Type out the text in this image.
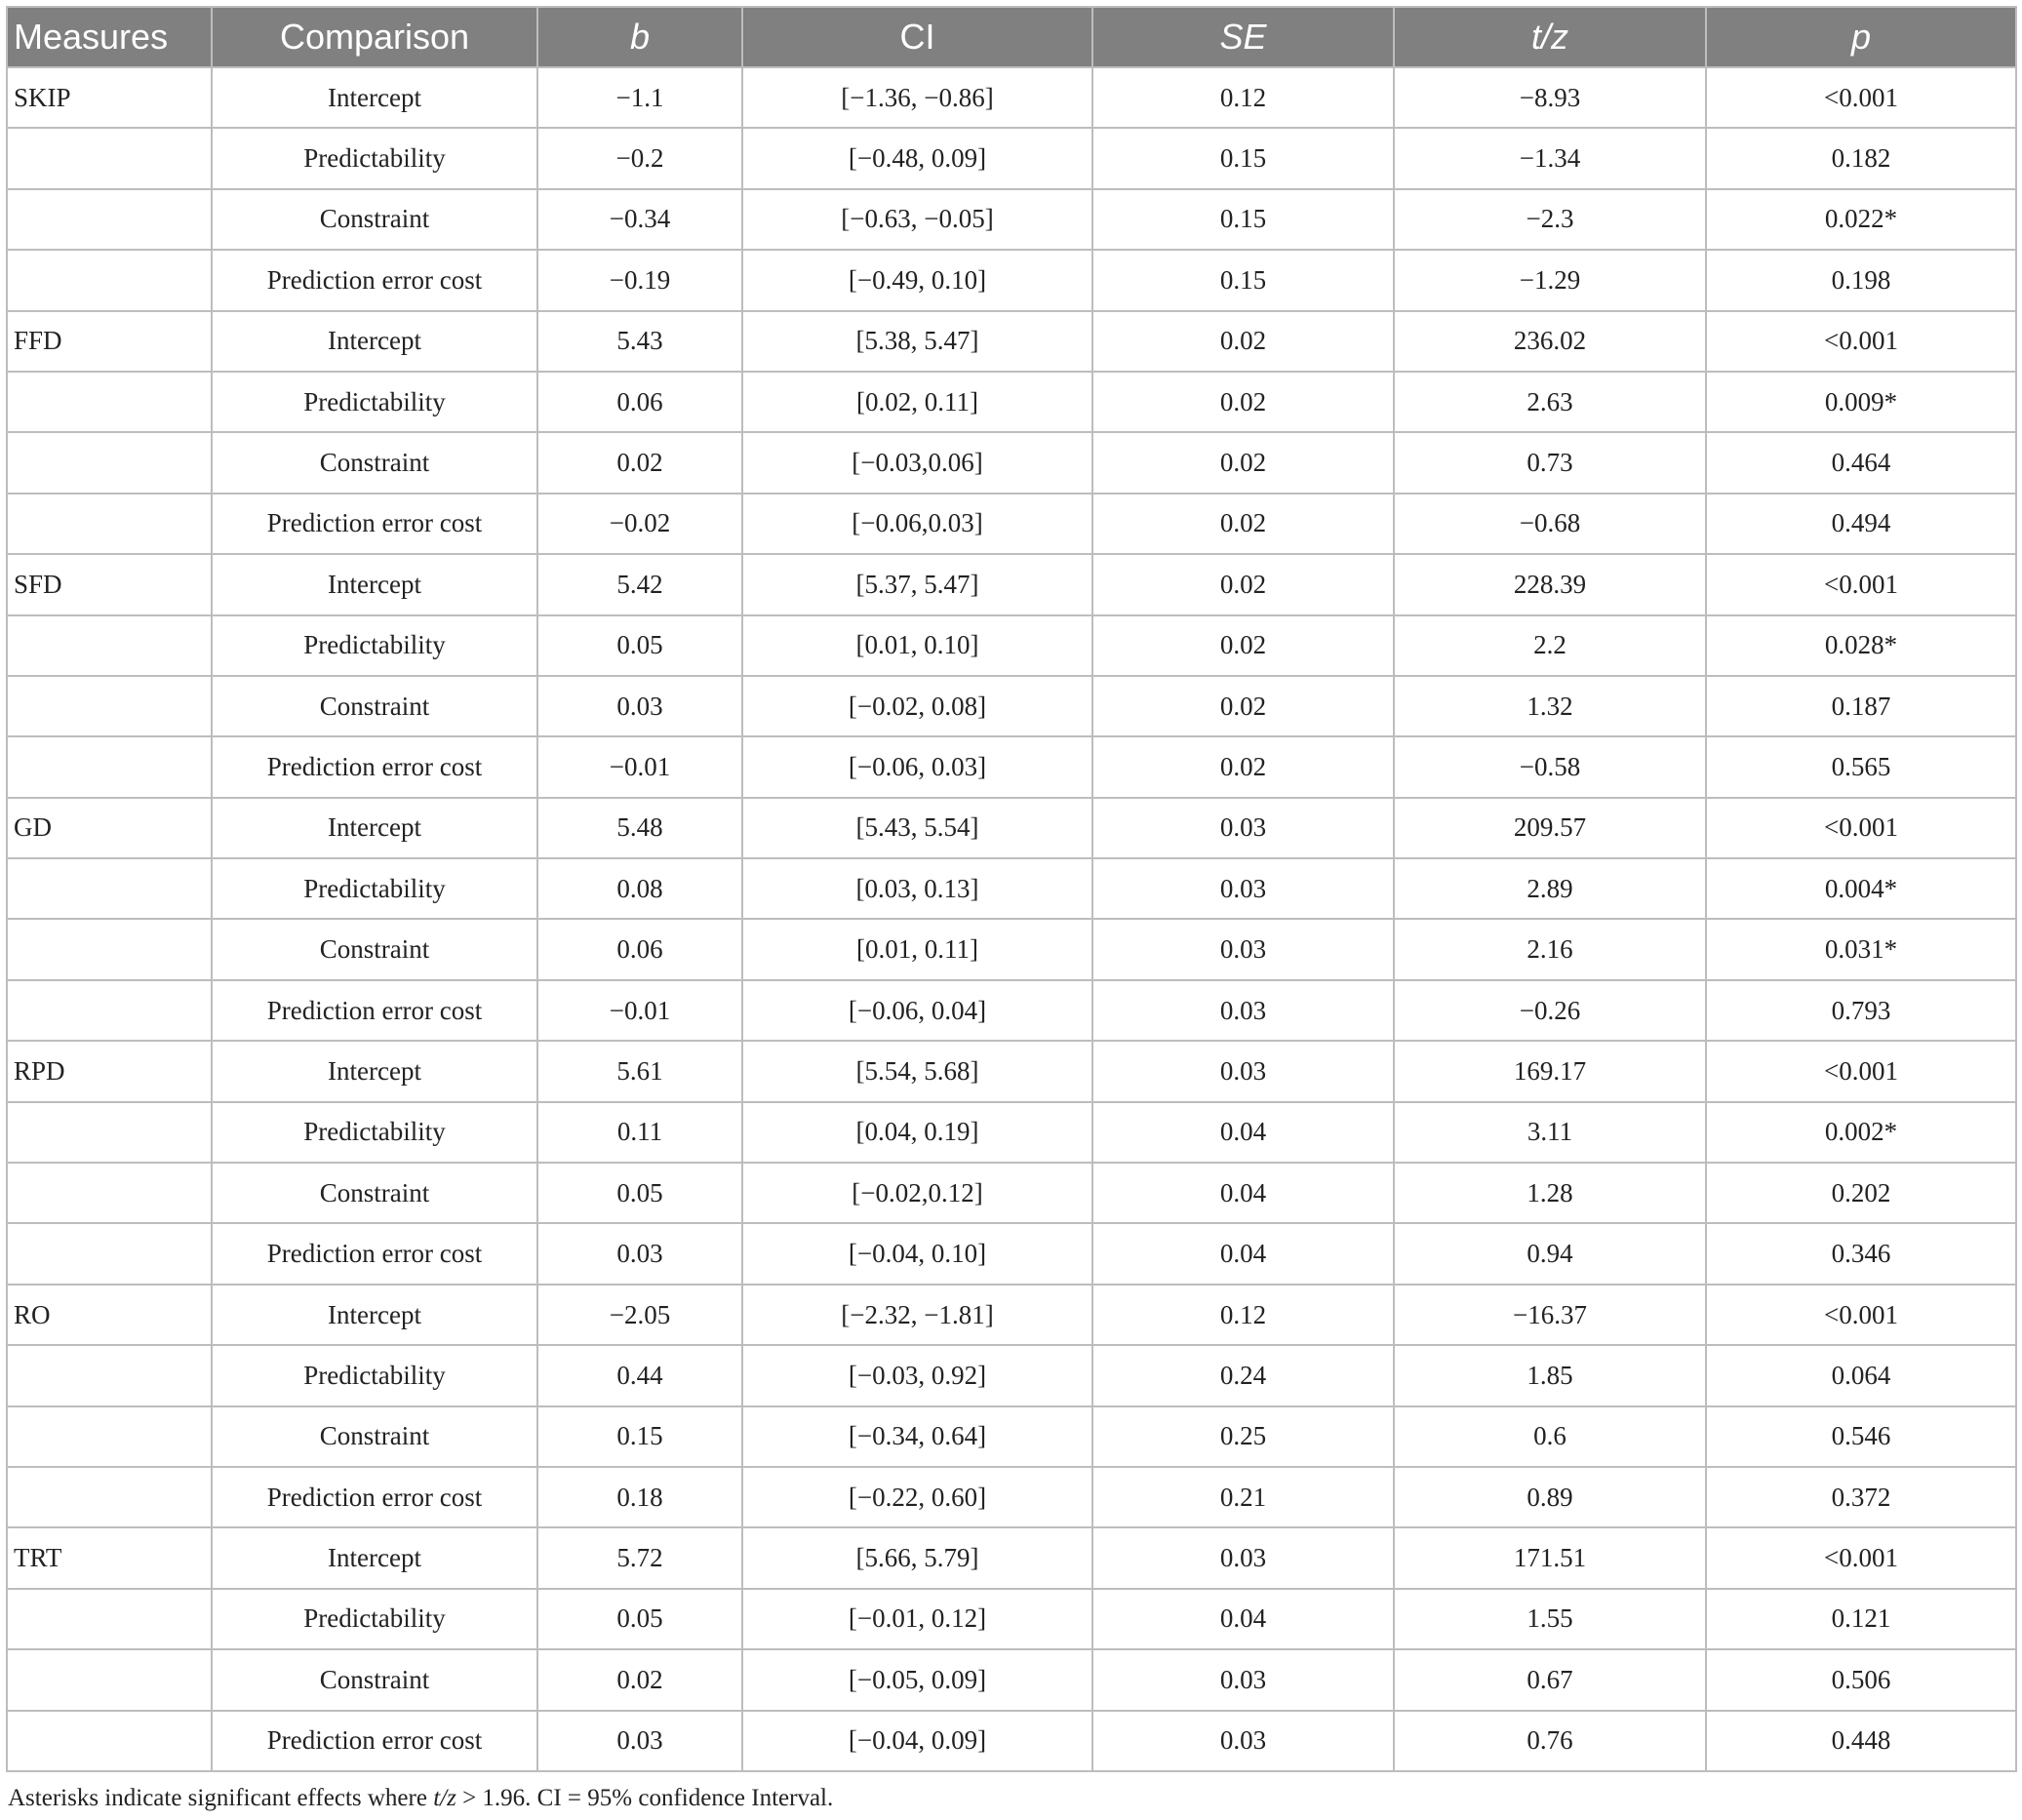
Measures	Comparison	b	CI	SE	t/z	p
SKIP	Intercept	−1.1	[−1.36, −0.86]	0.12	−8.93	<0.001
	Predictability	−0.2	[−0.48, 0.09]	0.15	−1.34	0.182
	Constraint	−0.34	[−0.63, −0.05]	0.15	−2.3	0.022*
	Prediction error cost	−0.19	[−0.49, 0.10]	0.15	−1.29	0.198
FFD	Intercept	5.43	[5.38, 5.47]	0.02	236.02	<0.001
	Predictability	0.06	[0.02, 0.11]	0.02	2.63	0.009*
	Constraint	0.02	[−0.03,0.06]	0.02	0.73	0.464
	Prediction error cost	−0.02	[−0.06,0.03]	0.02	−0.68	0.494
SFD	Intercept	5.42	[5.37, 5.47]	0.02	228.39	<0.001
	Predictability	0.05	[0.01, 0.10]	0.02	2.2	0.028*
	Constraint	0.03	[−0.02, 0.08]	0.02	1.32	0.187
	Prediction error cost	−0.01	[−0.06, 0.03]	0.02	−0.58	0.565
GD	Intercept	5.48	[5.43, 5.54]	0.03	209.57	<0.001
	Predictability	0.08	[0.03, 0.13]	0.03	2.89	0.004*
	Constraint	0.06	[0.01, 0.11]	0.03	2.16	0.031*
	Prediction error cost	−0.01	[−0.06, 0.04]	0.03	−0.26	0.793
RPD	Intercept	5.61	[5.54, 5.68]	0.03	169.17	<0.001
	Predictability	0.11	[0.04, 0.19]	0.04	3.11	0.002*
	Constraint	0.05	[−0.02,0.12]	0.04	1.28	0.202
	Prediction error cost	0.03	[−0.04, 0.10]	0.04	0.94	0.346
RO	Intercept	−2.05	[−2.32, −1.81]	0.12	−16.37	<0.001
	Predictability	0.44	[−0.03, 0.92]	0.24	1.85	0.064
	Constraint	0.15	[−0.34, 0.64]	0.25	0.6	0.546
	Prediction error cost	0.18	[−0.22, 0.60]	0.21	0.89	0.372
TRT	Intercept	5.72	[5.66, 5.79]	0.03	171.51	<0.001
	Predictability	0.05	[−0.01, 0.12]	0.04	1.55	0.121
	Constraint	0.02	[−0.05, 0.09]	0.03	0.67	0.506
	Prediction error cost	0.03	[−0.04, 0.09]	0.03	0.76	0.448
Asterisks indicate significant effects where t/z > 1.96. CI = 95% confidence Interval.
